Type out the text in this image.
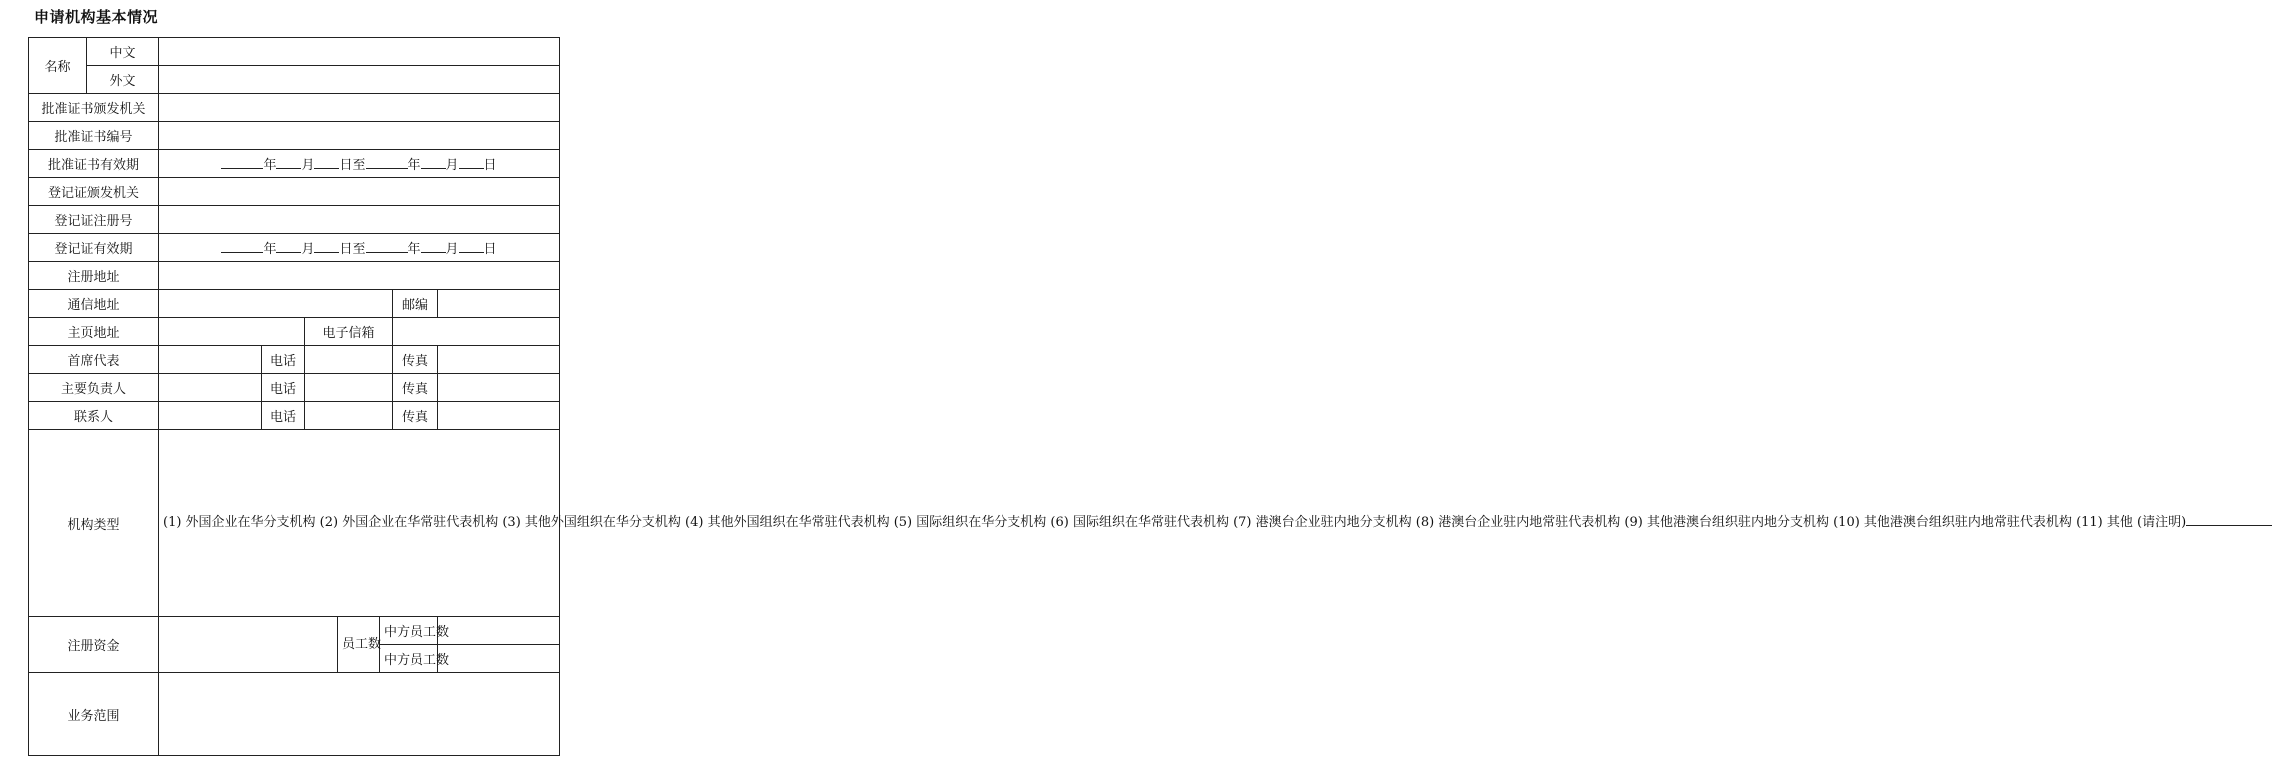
申请机构基本情况
名称	中文							
	外文							
批准证书颁发机关								
批准证书编号								
批准证书有效期		年 月 日至 年 月 日						
登记证颁发机关								
登记证注册号								
登记证有效期		年 月 日至 年 月 日						
注册地址								
通信地址							邮编	
主页地址				电子信箱				
首席代表			电话				传真	
主要负责人			电话				传真	
联系人			电话				传真	
机构类型		(1) 外国企业在华分支机构 (2) 外国企业在华常驻代表机构 (3) 其他外国组织在华分支机构 (4) 其他外国组织在华常驻代表机构 (5) 国际组织在华分支机构 (6) 国际组织在华常驻代表机构 (7) 港澳台企业驻内地分支机构 (8) 港澳台企业驻内地常驻代表机构 (9) 其他港澳台组织驻内地分支机构 (10) 其他港澳台组织驻内地常驻代表机构 (11) 其他 (请注明)						
注册资金					员工数	中方员工数		
						中方员工数		
业务范围								
